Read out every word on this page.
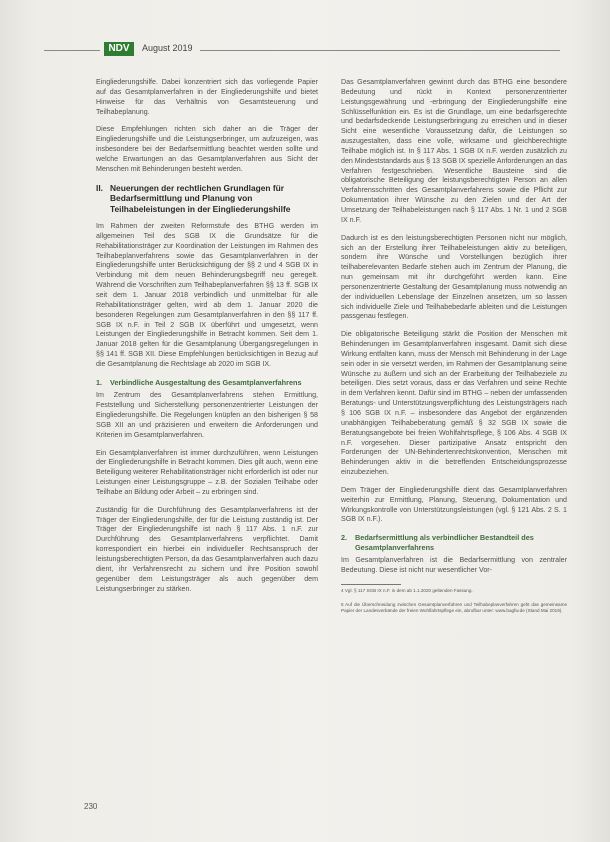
NDV	August 2019

Eingliederungshilfe. Dabei konzentriert sich das vorliegende Papier auf das Gesamtplanverfahren in der Eingliederungshilfe und bietet Hinweise für das Verhältnis von Gesamtsteuerung und Teilhabeplanung.

Diese Empfehlungen richten sich daher an die Träger der Eingliederungshilfe und die Leistungserbringer, um aufzuzeigen, was insbesondere bei der Bedarfsermittlung beachtet werden sollte und welche Erwartungen an das Gesamtplanverfahren aus Sicht der Menschen mit Behinderungen besteht werden.

II. Neuerungen der rechtlichen Grundlagen für Bedarfsermittlung und Planung von Teilhabeleistungen in der Eingliederungshilfe

Im Rahmen der zweiten Reformstufe des BTHG werden im allgemeinen Teil des SGB IX die Grundsätze für die Rehabilitationsträger zur Koordination der Leistungen im Rahmen des Teilhabeplanverfahrens sowie das Gesamtplanverfahren in der Eingliederungshilfe unter Berücksichtigung der §§ 2 und 4 SGB IX in Verbindung mit dem neuen Behinderungsbegriff neu geregelt. Während die Vorschriften zum Teilhabeplanverfahren §§ 13 ff. SGB IX seit dem 1. Januar 2018 verbindlich und unmittelbar für alle Rehabilitationsträger gelten, wird ab dem 1. Januar 2020 die besonderen Regelungen zum Gesamtplanverfahren in den §§ 117 ff. SGB IX n.F. in Teil 2 SGB IX überführt und umgesetzt, wenn Leistungen der Eingliederungshilfe in Betracht kommen. Seit dem 1. Januar 2018 gelten für die Gesamtplanung Übergangsregelungen in §§ 141 ff. SGB XII. Diese Empfehlungen berücksichtigen in Bezug auf die Gesamtplanung die Rechtslage ab 2020 im SGB IX.

1.	Verbindliche Ausgestaltung des Gesamtplanverfahrens

Im Zentrum des Gesamtplanverfahrens stehen Ermittlung, Feststellung und Sicherstellung personenzentrierter Leistungen der Eingliederungshilfe. Die Regelungen knüpfen an den bisherigen § 58 SGB XII an und präzisieren und erweitern die Anforderungen und Kriterien im Gesamtplanverfahren.

Ein Gesamtplanverfahren ist immer durchzuführen, wenn Leistungen der Eingliederungshilfe in Betracht kommen. Dies gilt auch, wenn eine Beteiligung weiterer Rehabilitationsträger nicht erforderlich ist oder nur Leistungen einer Leistungsgruppe – z.B. der Sozialen Teilhabe oder Teilhabe an Bildung oder Arbeit – zu erbringen sind.

Zuständig für die Durchführung des Gesamtplanverfahrens ist der Träger der Eingliederungshilfe, der für die Leistung zuständig ist. Der Träger der Eingliederungshilfe ist nach § 117 Abs. 1 n.F. zur Durchführung des Gesamtplanverfahrens verpflichtet. Damit korrespondiert ein hierbei ein individueller Rechtsanspruch der leistungsberechtigten Person, da das Gesamtplanverfahren auch dazu dient, ihr Verfahrensrecht zu sichern und ihre Position sowohl gegenüber dem Leistungsträger als auch gegenüber dem Leistungserbringer zu stärken.

Das Gesamtplanverfahren gewinnt durch das BTHG eine besondere Bedeutung und rückt in Kontext personenzentrierter Leistungsgewährung und -erbringung der Eingliederungshilfe eine Schlüsselfunktion ein. Es ist die Grundlage, um eine bedarfsgerechte und bedarfsdeckende Leistungserbringung zu erreichen und in dieser Sicht eine wesentliche Voraussetzung dafür, die Leistungen so auszugestalten, dass eine volle, wirksame und gleichberechtigte Teilhabe möglich ist. In § 117 Abs. 1 SGB IX n.F. werden zusätzlich zu den Mindeststandards aus § 13 SGB IX spezielle Anforderungen an das Verfahren festgeschrieben. Wesentliche Bausteine sind die obligatorische Beteiligung der leistungsberechtigten Person an allen Verfahrensschritten des Gesamtplanverfahrens sowie die Pflicht zur Dokumentation ihrer Wünsche zu den Zielen und der Art der Umsetzung der Teilhabeleistungen nach § 117 Abs. 1 Nr. 1 und 2 SGB IX n.F.

Dadurch ist es den leistungsberechtigten Personen nicht nur möglich, sich an der Erstellung ihrer Teilhabeleistungen aktiv zu beteiligen, sondern ihre Wünsche und Vorstellungen bezüglich ihrer teilhaberelevanten Bedarfe stehen auch im Zentrum der Planung, die nun gemeinsam mit ihr durchgeführt werden kann. Eine personenzentrierte Gestaltung der Gesamtplanung muss notwendig an der individuellen Lebenslage der Einzelnen ansetzen, um so lassen sich individuelle Ziele und Teilhabebedarfe ableiten und die Leistungen passgenau festlegen.

Die obligatorische Beteiligung stärkt die Position der Menschen mit Behinderungen im Gesamtplanverfahren insgesamt. Damit sich diese Wirkung entfalten kann, muss der Mensch mit Behinderung in der Lage sein oder in sie versetzt werden, im Rahmen der Gesamtplanung seine Wünsche zu äußern und sich an der Erarbeitung der Teilhabeziele zu beteiligen. Dies setzt voraus, dass er das Verfahren und seine Rechte in dem Verfahren kennt. Dafür sind im BTHG – neben der umfassenden Beratungs- und Unterstützungsverpflichtung des Leistungsträgers nach § 106 SGB IX n.F. – insbesondere das Angebot der ergänzenden unabhängigen Teilhabeberatung gemäß § 32 SGB IX sowie die Beratungsangebote bei freien Wohlfahrtspflege, § 106 Abs. 4 SGB IX n.F. vorgesehen. Dieser partizipative Ansatz entspricht den Forderungen der UN-Behindertenrechtskonvention, Menschen mit Behinderungen aktiv in die betreffenden Entscheidungsprozesse einzubeziehen.

Dem Träger der Eingliederungshilfe dient das Gesamtplanverfahren weiterhin zur Ermittlung, Planung, Steuerung, Dokumentation und Wirkungskontrolle von Unterstützungsleistungen (vgl. § 121 Abs. 2 S. 1 SGB IX n.F.).

2.	Bedarfsermittlung als verbindlicher Bestandteil des Gesamtplanverfahrens

Im Gesamtplanverfahren ist die Bedarfsermittlung von zentraler Bedeutung. Diese ist nicht nur wesentlicher Vor-

4 Vgl. § 117 SGB IX n.F. in dem ab 1.1.2020 geltenden Fassung.

5 Auf die Überschneidung zwischen Gesamtplanverfahren und Teilhabeplanverfahren geht das gemeinsame Papier der Landesverbände der freien Wohlfahrtspflege ein, abrufbar unter: www.bagfw.de (Stand Mai 2019).

230
